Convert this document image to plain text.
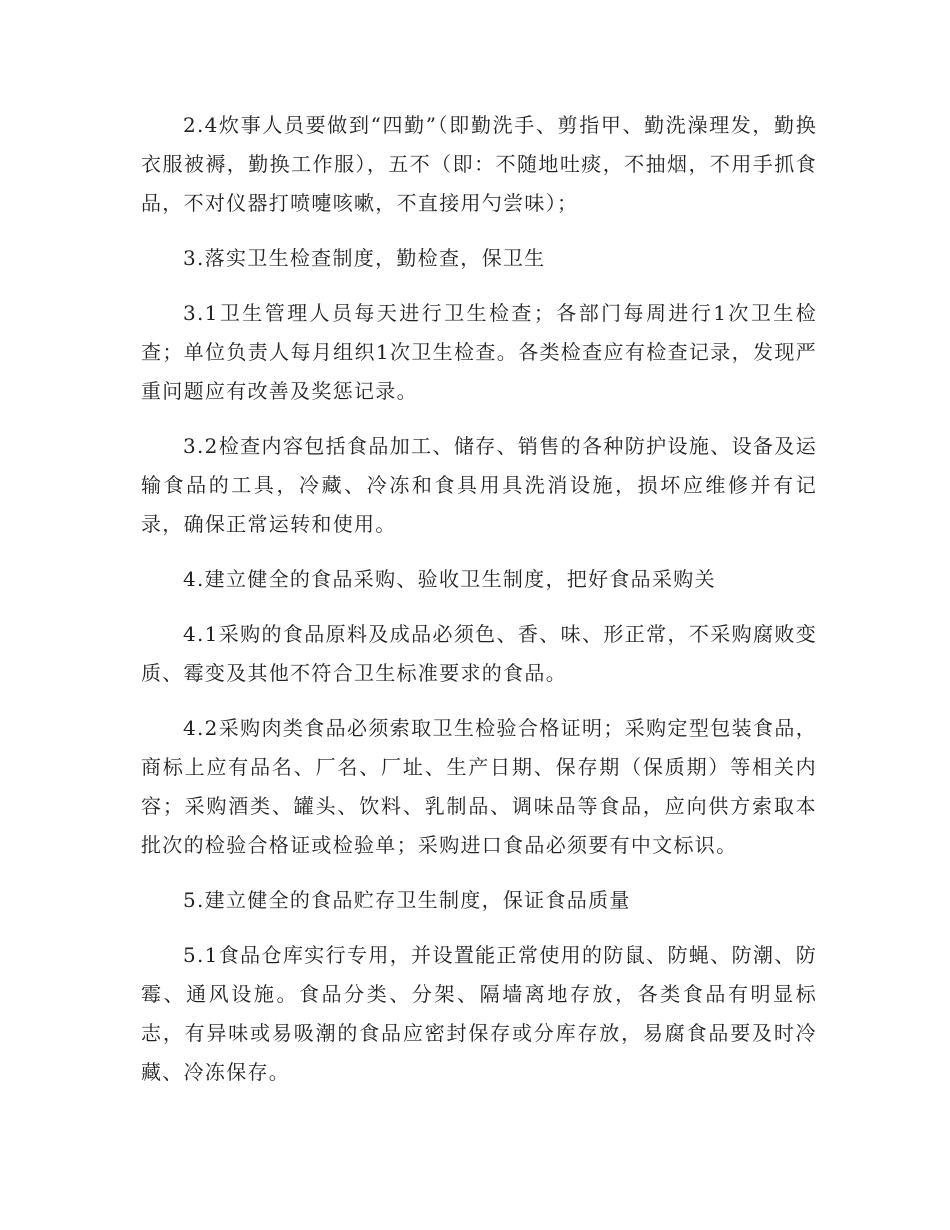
2.4炊事人员要做到“四勤”（即勤洗手、剪指甲、勤洗澡理发，勤换衣服被褥，勤换工作服），五不（即：不随地吐痰，不抽烟，不用手抓食品，不对仪器打喷嚏咳嗽，不直接用勺尝味）；

3.落实卫生检查制度，勤检查，保卫生

3.1卫生管理人员每天进行卫生检查；各部门每周进行1次卫生检查；单位负责人每月组织1次卫生检查。各类检查应有检查记录，发现严重问题应有改善及奖惩记录。

3.2检查内容包括食品加工、储存、销售的各种防护设施、设备及运输食品的工具，冷藏、冷冻和食具用具洗消设施，损坏应维修并有记录，确保正常运转和使用。

4.建立健全的食品采购、验收卫生制度，把好食品采购关

4.1采购的食品原料及成品必须色、香、味、形正常，不采购腐败变质、霉变及其他不符合卫生标准要求的食品。

4.2采购肉类食品必须索取卫生检验合格证明；采购定型包装食品，商标上应有品名、厂名、厂址、生产日期、保存期（保质期）等相关内容；采购酒类、罐头、饮料、乳制品、调味品等食品，应向供方索取本批次的检验合格证或检验单；采购进口食品必须要有中文标识。

5.建立健全的食品贮存卫生制度，保证食品质量

5.1食品仓库实行专用，并设置能正常使用的防鼠、防蝇、防潮、防霉、通风设施。食品分类、分架、隔墙离地存放，各类食品有明显标志，有异味或易吸潮的食品应密封保存或分库存放，易腐食品要及时冷藏、冷冻保存。
